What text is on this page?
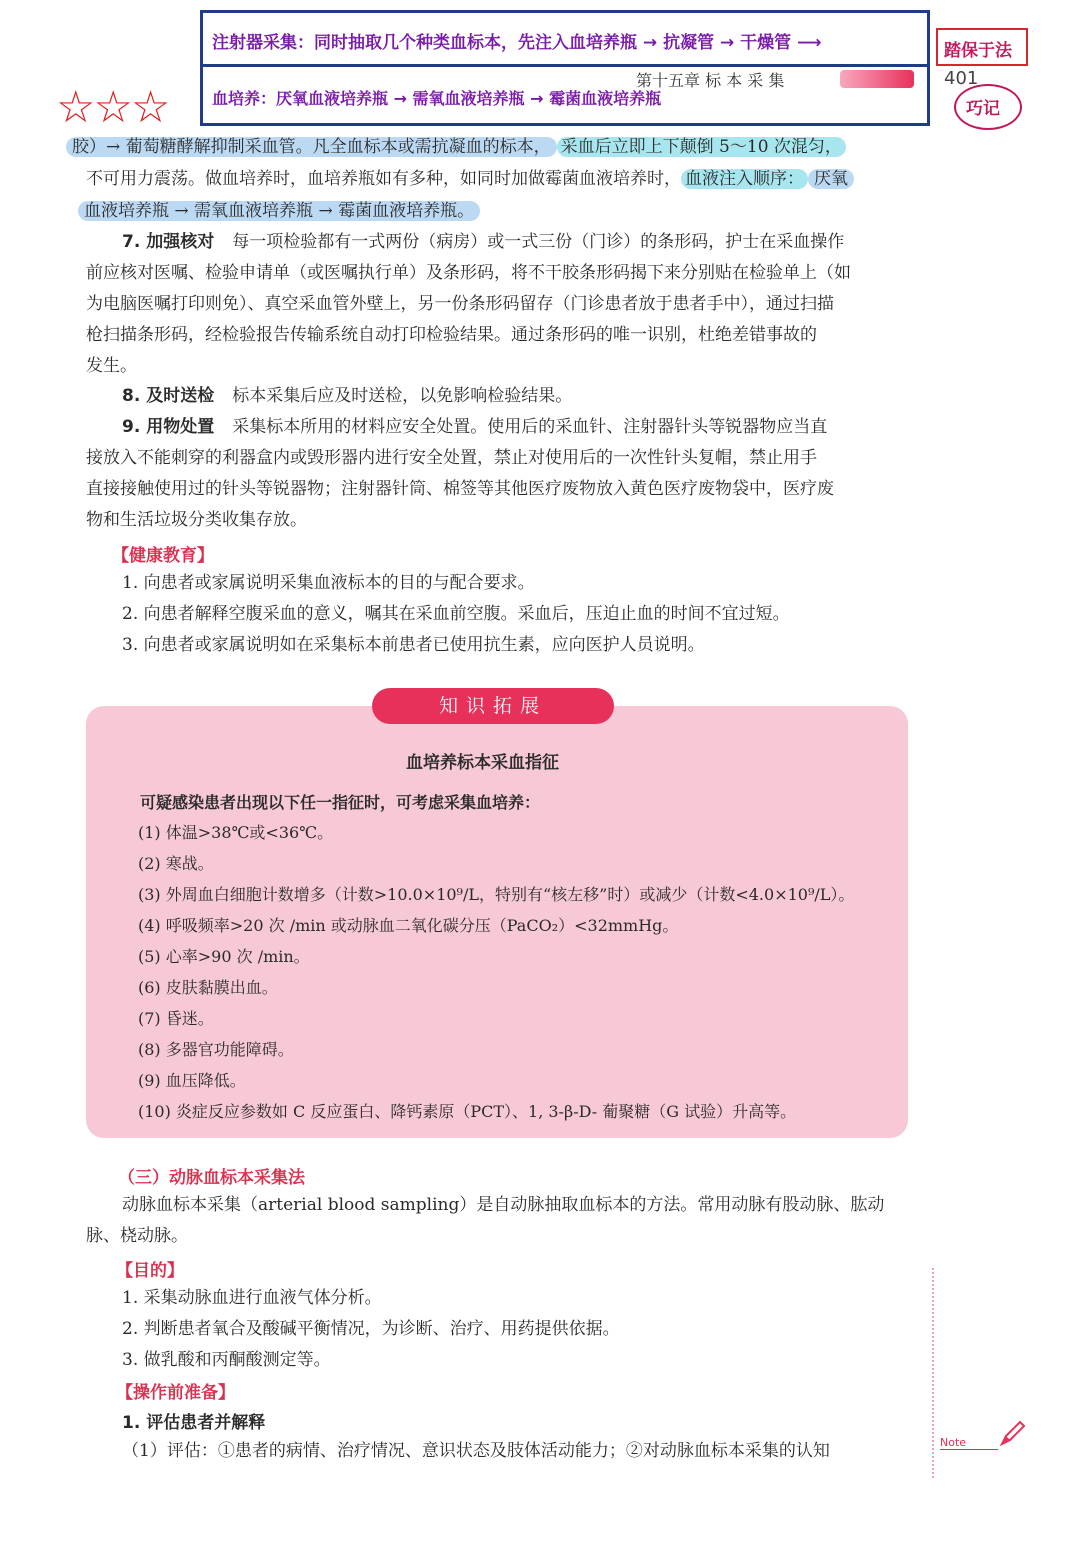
注射器采集：同时抽取几个种类血标本，先注入血培养瓶 → 抗凝管 → 干燥管 ⟶
血培养：厌氧血液培养瓶 → 需氧血液培养瓶 → 霉菌血液培养瓶
踏保于法
巧记
☆☆☆
第十五章 标 本 采 集	401
胶）→ 葡萄糖酵解抑制采血管。凡全血标本或需抗凝血的标本， 采血后立即上下颠倒 5～10 次混匀，
不可用力震荡。做血培养时，血培养瓶如有多种，如同时加做霉菌血液培养时， 血液注入顺序： 厌氧
血液培养瓶 → 需氧血液培养瓶 → 霉菌血液培养瓶。
7. 加强核对 每一项检验都有一式两份（病房）或一式三份（门诊）的条形码，护士在采血操作
前应核对医嘱、检验申请单（或医嘱执行单）及条形码，将不干胶条形码揭下来分别贴在检验单上（如
为电脑医嘱打印则免）、真空采血管外壁上，另一份条形码留存（门诊患者放于患者手中），通过扫描
枪扫描条形码，经检验报告传输系统自动打印检验结果。通过条形码的唯一识别，杜绝差错事故的
发生。
8. 及时送检 标本采集后应及时送检，以免影响检验结果。
9. 用物处置 采集标本所用的材料应安全处置。使用后的采血针、注射器针头等锐器物应当直
接放入不能刺穿的利器盒内或毁形器内进行安全处置，禁止对使用后的一次性针头复帽，禁止用手
直接接触使用过的针头等锐器物；注射器针筒、棉签等其他医疗废物放入黄色医疗废物袋中，医疗废
物和生活垃圾分类收集存放。
【健康教育】
1. 向患者或家属说明采集血液标本的目的与配合要求。
2. 向患者解释空腹采血的意义，嘱其在采血前空腹。采血后，压迫止血的时间不宜过短。
3. 向患者或家属说明如在采集标本前患者已使用抗生素，应向医护人员说明。
知识拓展
血培养标本采血指征
可疑感染患者出现以下任一指征时，可考虑采集血培养：
(1) 体温>38℃或<36℃。
(2) 寒战。
(3) 外周血白细胞计数增多（计数>10.0×10⁹/L，特别有“核左移”时）或减少（计数<4.0×10⁹/L）。
(4) 呼吸频率>20 次 /min 或动脉血二氧化碳分压（PaCO₂）<32mmHg。
(5) 心率>90 次 /min。
(6) 皮肤黏膜出血。
(7) 昏迷。
(8) 多器官功能障碍。
(9) 血压降低。
(10) 炎症反应参数如 C 反应蛋白、降钙素原（PCT）、1, 3-β-D- 葡聚糖（G 试验）升高等。
（三）动脉血标本采集法
动脉血标本采集（arterial blood sampling）是自动脉抽取血标本的方法。常用动脉有股动脉、肱动
脉、桡动脉。
【目的】
1. 采集动脉血进行血液气体分析。
2. 判断患者氧合及酸碱平衡情况，为诊断、治疗、用药提供依据。
3. 做乳酸和丙酮酸测定等。
【操作前准备】
1. 评估患者并解释
（1）评估：①患者的病情、治疗情况、意识状态及肢体活动能力；②对动脉血标本采集的认知	Note
